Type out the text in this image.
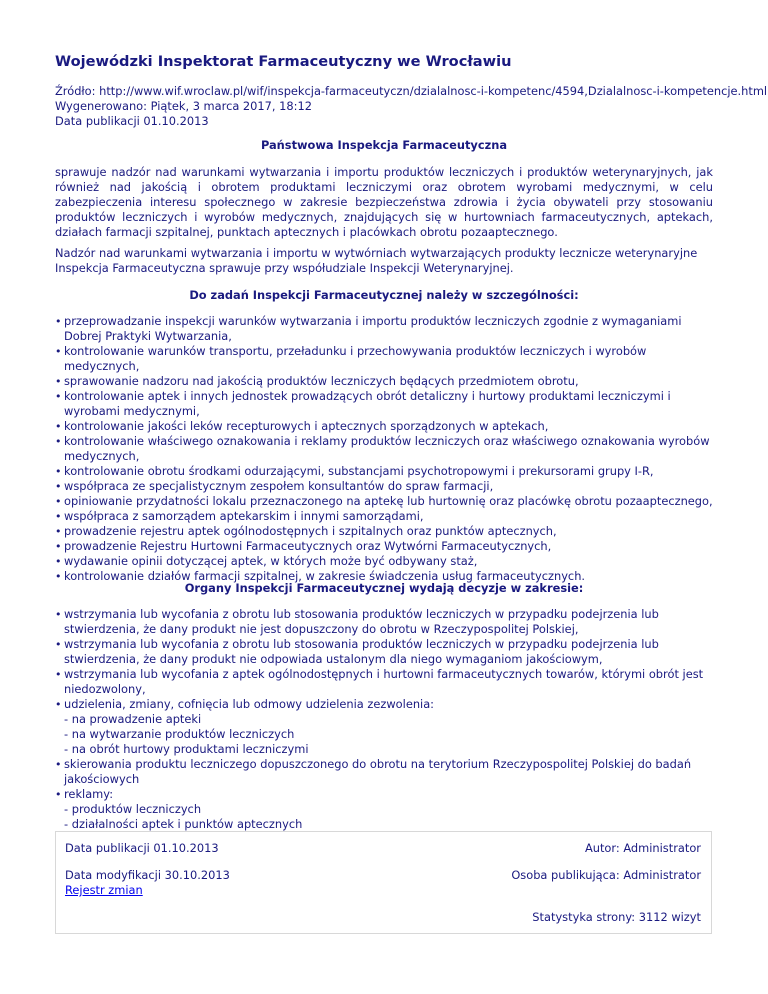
Wojewódzki Inspektorat Farmaceutyczny we Wrocławiu
Źródło: http://www.wif.wroclaw.pl/wif/inspekcja-farmaceutyczn/dzialalnosc-i-kompetenc/4594,Dzialalnosc-i-kompetencje.html
Wygenerowano: Piątek, 3 marca 2017, 18:12
Data publikacji 01.10.2013
Państwowa Inspekcja Farmaceutyczna
sprawuje nadzór nad warunkami wytwarzania i importu produktów leczniczych i produktów weterynaryjnych, jak również nad jakością i obrotem produktami leczniczymi oraz obrotem wyrobami medycznymi, w celu zabezpieczenia interesu społecznego w zakresie bezpieczeństwa zdrowia i życia obywateli przy stosowaniu produktów leczniczych i wyrobów medycznych, znajdujących się w hurtowniach farmaceutycznych, aptekach, działach farmacji szpitalnej, punktach aptecznych i placówkach obrotu pozaaptecznego.
Nadzór nad warunkami wytwarzania i importu w wytwórniach wytwarzających produkty lecznicze weterynaryjne Inspekcja Farmaceutyczna sprawuje przy współudziale Inspekcji Weterynaryjnej.
Do zadań Inspekcji Farmaceutycznej należy w szczególności:
• przeprowadzanie inspekcji warunków wytwarzania i importu produktów leczniczych zgodnie z wymaganiami Dobrej Praktyki Wytwarzania,
• kontrolowanie warunków transportu, przeładunku i przechowywania produktów leczniczych i wyrobów medycznych,
• sprawowanie nadzoru nad jakością produktów leczniczych będących przedmiotem obrotu,
• kontrolowanie aptek i innych jednostek prowadzących obrót detaliczny i hurtowy produktami leczniczymi i wyrobami medycznymi,
• kontrolowanie jakości leków recepturowych i aptecznych sporządzonych w aptekach,
• kontrolowanie właściwego oznakowania i reklamy produktów leczniczych oraz właściwego oznakowania wyrobów medycznych,
• kontrolowanie obrotu środkami odurzającymi, substancjami psychotropowymi i prekursorami grupy I-R,
• współpraca ze specjalistycznym zespołem konsultantów do spraw farmacji,
• opiniowanie przydatności lokalu przeznaczonego na aptekę lub hurtownię oraz placówkę obrotu pozaaptecznego,
• współpraca z samorządem aptekarskim i innymi samorządami,
• prowadzenie rejestru aptek ogólnodostępnych i szpitalnych oraz punktów aptecznych,
• prowadzenie Rejestru Hurtowni Farmaceutycznych oraz Wytwórni Farmaceutycznych,
• wydawanie opinii dotyczącej aptek, w których może być odbywany staż,
• kontrolowanie działów farmacji szpitalnej, w zakresie świadczenia usług farmaceutycznych.
Organy Inspekcji Farmaceutycznej wydają decyzje w zakresie:
• wstrzymania lub wycofania z obrotu lub stosowania produktów leczniczych w przypadku podejrzenia lub stwierdzenia, że dany produkt nie jest dopuszczony do obrotu w Rzeczypospolitej Polskiej,
• wstrzymania lub wycofania z obrotu lub stosowania produktów leczniczych w przypadku podejrzenia lub stwierdzenia, że dany produkt nie odpowiada ustalonym dla niego wymaganiom jakościowym,
• wstrzymania lub wycofania z aptek ogólnodostępnych i hurtowni farmaceutycznych towarów, którymi obrót jest niedozwolony,
• udzielenia, zmiany, cofnięcia lub odmowy udzielenia zezwolenia:
- na prowadzenie apteki
- na wytwarzanie produktów leczniczych
- na obrót hurtowy produktami leczniczymi
• skierowania produktu leczniczego dopuszczonego do obrotu na terytorium Rzeczypospolitej Polskiej do badań jakościowych
• reklamy:
- produktów leczniczych
- działalności aptek i punktów aptecznych
Data publikacji 01.10.2013	Autor: Administrator
Data modyfikacji 30.10.2013	Osoba publikująca: Administrator
Rejestr zmian
Statystyka strony: 3112 wizyt
